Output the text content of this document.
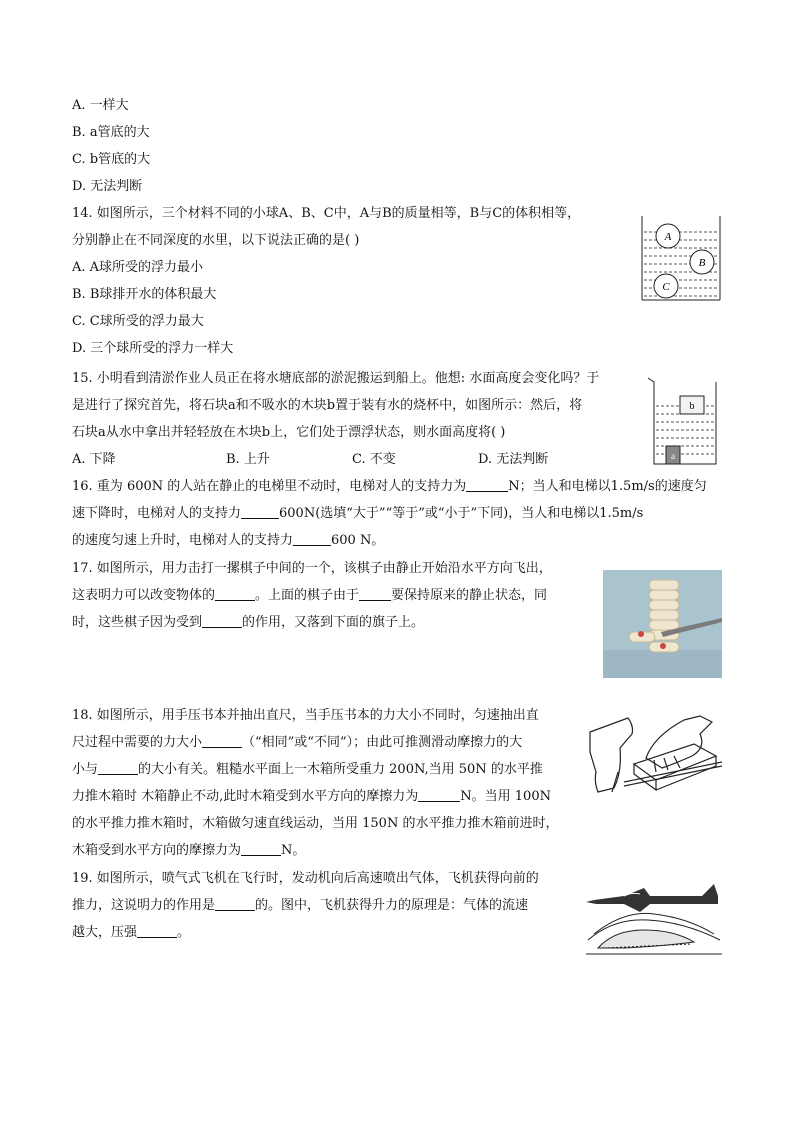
A. 一样大
B. a管底的大
C. b管底的大
D. 无法判断
14. 如图所示，三个材料不同的小球A、B、C中，A与B的质量相等，B与C的体积相等，
分别静止在不同深度的水里，以下说法正确的是( )
A. A球所受的浮力最小
B. B球排开水的体积最大
C. C球所受的浮力最大
D. 三个球所受的浮力一样大
A
B
C
15. 小明看到清淤作业人员正在将水塘底部的淤泥搬运到船上。他想: 水面高度会变化吗？于
是进行了探究首先，将石块a和不吸水的木块b置于装有水的烧杯中，如图所示：然后，将
石块a从水中拿出并轻轻放在木块b上，它们处于漂浮状态，则水面高度将( )
A. 下降	B. 上升	C. 不变	D. 无法判断
b
a
16. 重为 600N 的人站在静止的电梯里不动时，电梯对人的支持力为	N；当人和电梯以1.5m/s的速度匀
速下降时，电梯对人的支持力	600N(选填“大于”“等于”或“小于”下同)，当人和电梯以1.5m/s
的速度匀速上升时，电梯对人的支持力	600 N。
17. 如图所示，用力击打一摞棋子中间的一个，该棋子由静止开始沿水平方向飞出，
这表明力可以改变物体的	。上面的棋子由于 要保持原来的静止状态，同
时，这些棋子因为受到	的作用，又落到下面的旗子上。
18. 如图所示，用手压书本并抽出直尺，当手压书本的力大小不同时，匀速抽出直
尺过程中需要的力大小	（“相同”或“不同”）；由此可推测滑动摩擦力的大
小与	的大小有关。粗糙水平面上一木箱所受重力 200N,当用 50N 的水平推
力推木箱时 木箱静止不动,此时木箱受到水平方向的摩擦力为	N。当用 100N
的水平推力推木箱时，木箱做匀速直线运动，当用 150N 的水平推力推木箱前进时，
木箱受到水平方向的摩擦力为	N。
19. 如图所示，喷气式飞机在飞行时，发动机向后高速喷出气体，飞机获得向前的
推力，这说明力的作用是	的。图中，飞机获得升力的原理是：气体的流速
越大，压强	。
